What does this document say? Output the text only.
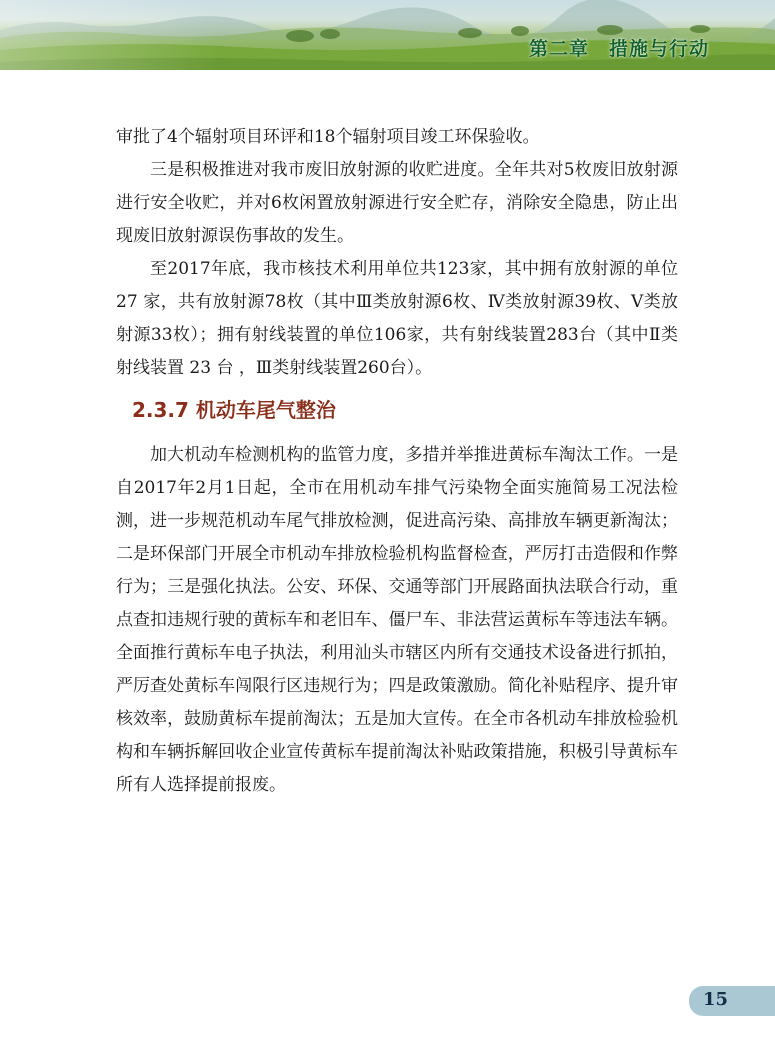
第二章　措施与行动

审批了4个辐射项目环评和18个辐射项目竣工环保验收。

三是积极推进对我市废旧放射源的收贮进度。全年共对5枚废旧放射源进行安全收贮，并对6枚闲置放射源进行安全贮存，消除安全隐患，防止出现废旧放射源误伤事故的发生。

至2017年底，我市核技术利用单位共123家，其中拥有放射源的单位 27 家，共有放射源78枚（其中Ⅲ类放射源6枚、Ⅳ类放射源39枚、Ⅴ类放射源33枚）；拥有射线装置的单位106家，共有射线装置283台（其中Ⅱ类射线装置 23 台 ，Ⅲ类射线装置260台）。

2.3.7 机动车尾气整治

加大机动车检测机构的监管力度，多措并举推进黄标车淘汰工作。一是自2017年2月1日起，全市在用机动车排气污染物全面实施简易工况法检测，进一步规范机动车尾气排放检测，促进高污染、高排放车辆更新淘汰；二是环保部门开展全市机动车排放检验机构监督检查，严厉打击造假和作弊行为；三是强化执法。公安、环保、交通等部门开展路面执法联合行动，重点查扣违规行驶的黄标车和老旧车、僵尸车、非法营运黄标车等违法车辆。全面推行黄标车电子执法，利用汕头市辖区内所有交通技术设备进行抓拍，严厉查处黄标车闯限行区违规行为；四是政策激励。简化补贴程序、提升审核效率，鼓励黄标车提前淘汰；五是加大宣传。在全市各机动车排放检验机构和车辆拆解回收企业宣传黄标车提前淘汰补贴政策措施，积极引导黄标车所有人选择提前报废。

15
